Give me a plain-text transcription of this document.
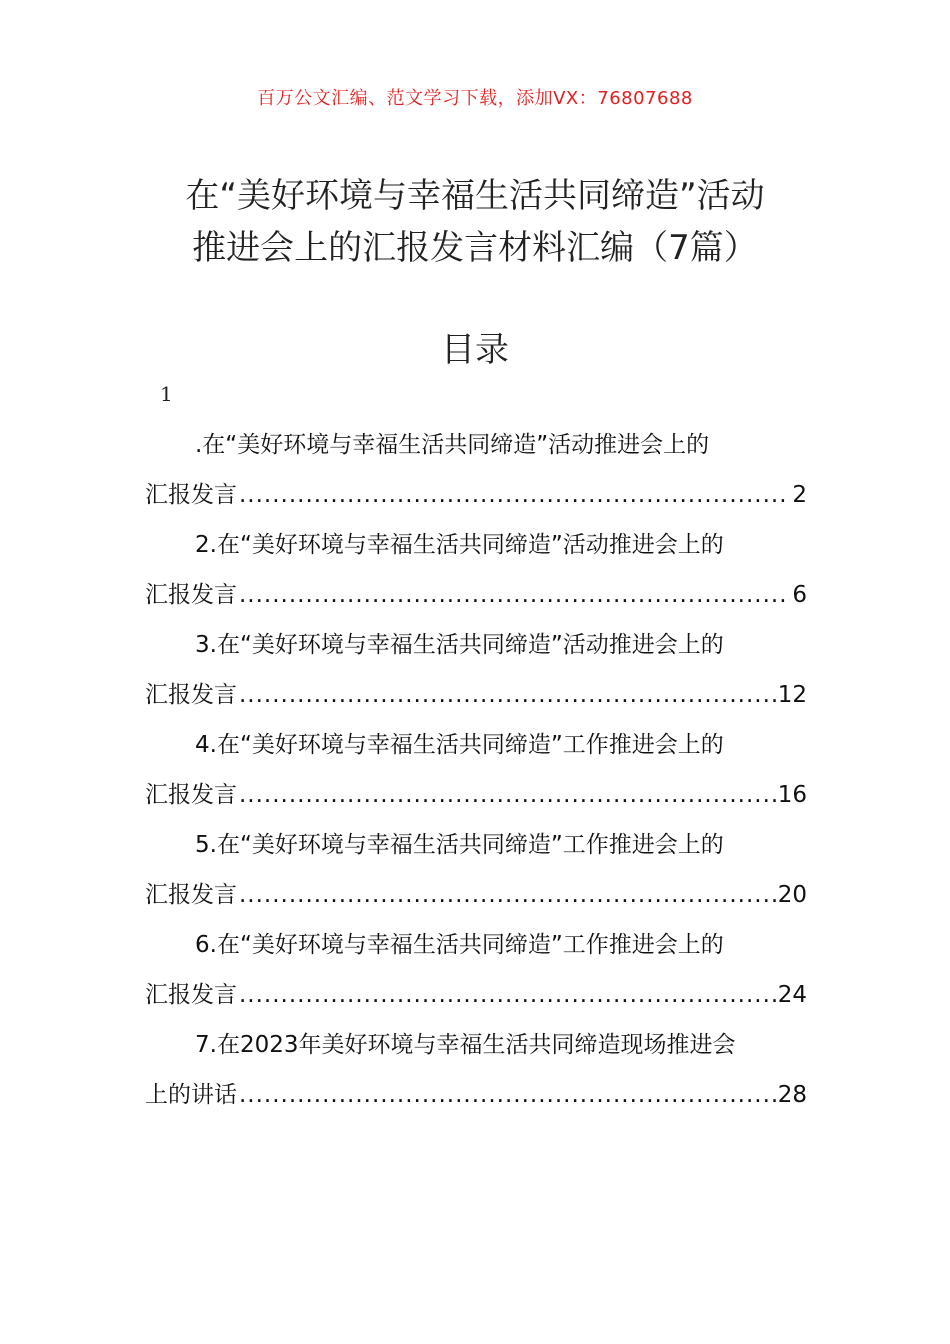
百万公文汇编、范文学习下载，添加VX：76807688
在“美好环境与幸福生活共同缔造”活动
推进会上的汇报发言材料汇编（7篇）
目录
1
.在“美好环境与幸福生活共同缔造”活动推进会上的
汇报发言 .....	2
2.在“美好环境与幸福生活共同缔造”活动推进会上的
汇报发言 .....	6
3.在“美好环境与幸福生活共同缔造”活动推进会上的
汇报发言 .....	12
4.在“美好环境与幸福生活共同缔造”工作推进会上的
汇报发言 .....	16
5.在“美好环境与幸福生活共同缔造”工作推进会上的
汇报发言 .....	20
6.在“美好环境与幸福生活共同缔造”工作推进会上的
汇报发言 .....	24
7.在2023年美好环境与幸福生活共同缔造现场推进会
上的讲话 .....	28
